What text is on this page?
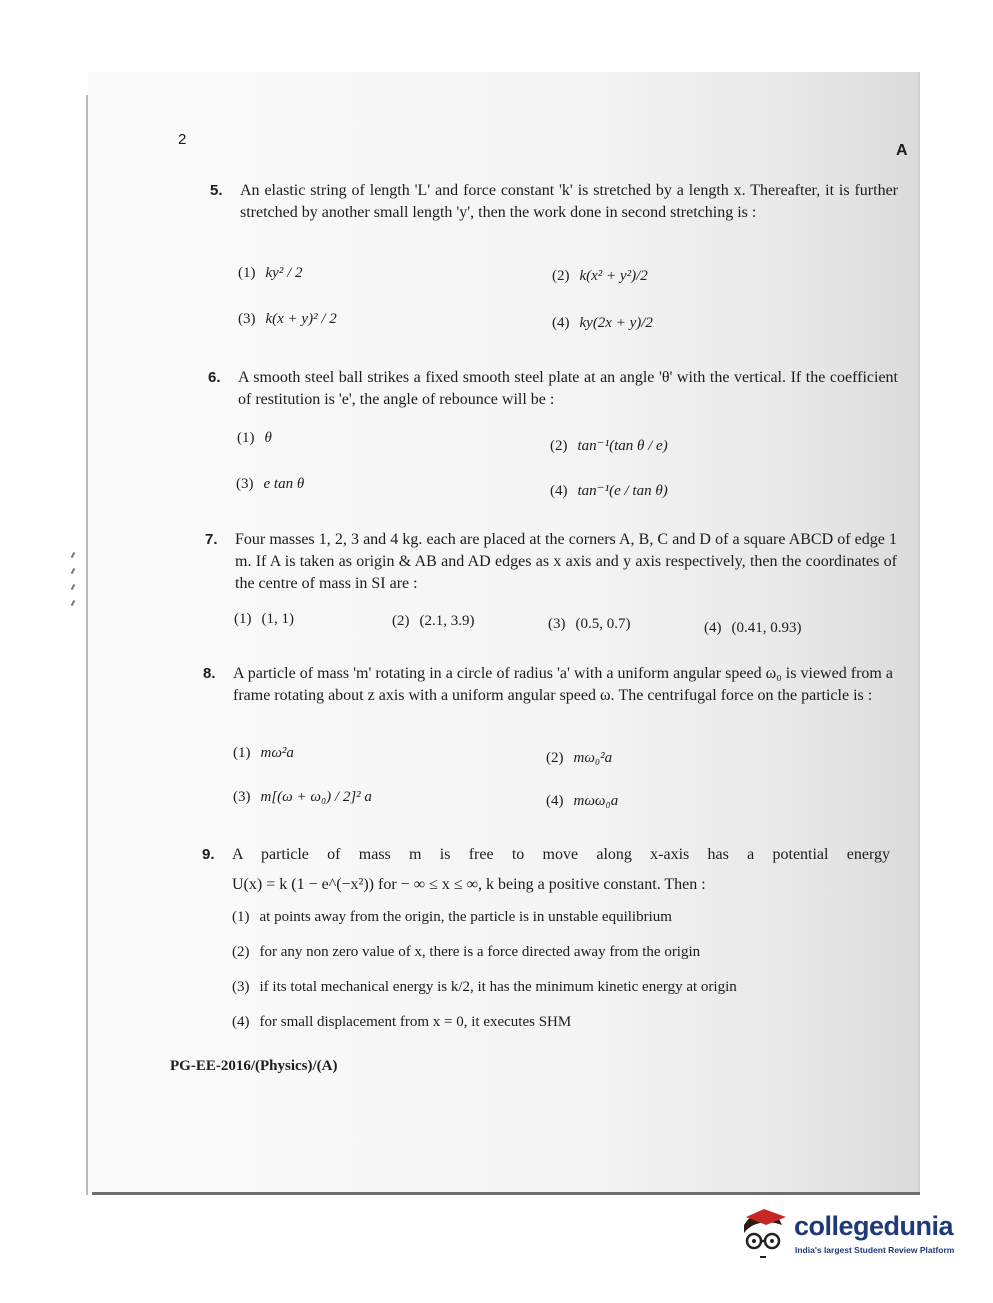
2
A
5. An elastic string of length 'L' and force constant 'k' is stretched by a length x. Thereafter, it is further stretched by another small length 'y', then the work done in second stretching is :
(1) ky² / 2	(2) k(x² + y²)/2
(3) k(x + y)² / 2	(4) ky(2x + y)/2
6. A smooth steel ball strikes a fixed smooth steel plate at an angle 'θ' with the vertical. If the coefficient of restitution is 'e', the angle of rebounce will be :
(1) θ	(2) tan⁻¹(tan θ / e)
(3) e tan θ	(4) tan⁻¹(e / tan θ)
7. Four masses 1, 2, 3 and 4 kg. each are placed at the corners A, B, C and D of a square ABCD of edge 1 m. If A is taken as origin & AB and AD edges as x axis and y axis respectively, then the coordinates of the centre of mass in SI are :
(1) (1, 1)	(2) (2.1, 3.9)	(3) (0.5, 0.7)	(4) (0.41, 0.93)
8. A particle of mass 'm' rotating in a circle of radius 'a' with a uniform angular speed ω₀ is viewed from a frame rotating about z axis with a uniform angular speed ω. The centrifugal force on the particle is :
(1) mω²a	(2) mω₀²a
(3) m[(ω + ω₀) / 2]² a	(4) mωω₀a
9. A particle of mass m is free to move along x-axis has a potential energy
U(x) = k (1 − e^(−x²)) for − ∞ ≤ x ≤ ∞, k being a positive constant. Then :
(1) at points away from the origin, the particle is in unstable equilibrium
(2) for any non zero value of x, there is a force directed away from the origin
(3) if its total mechanical energy is k/2, it has the minimum kinetic energy at origin
(4) for small displacement from x = 0, it executes SHM
PG-EE-2016/(Physics)/(A)
collegedunia
India's largest Student Review Platform
